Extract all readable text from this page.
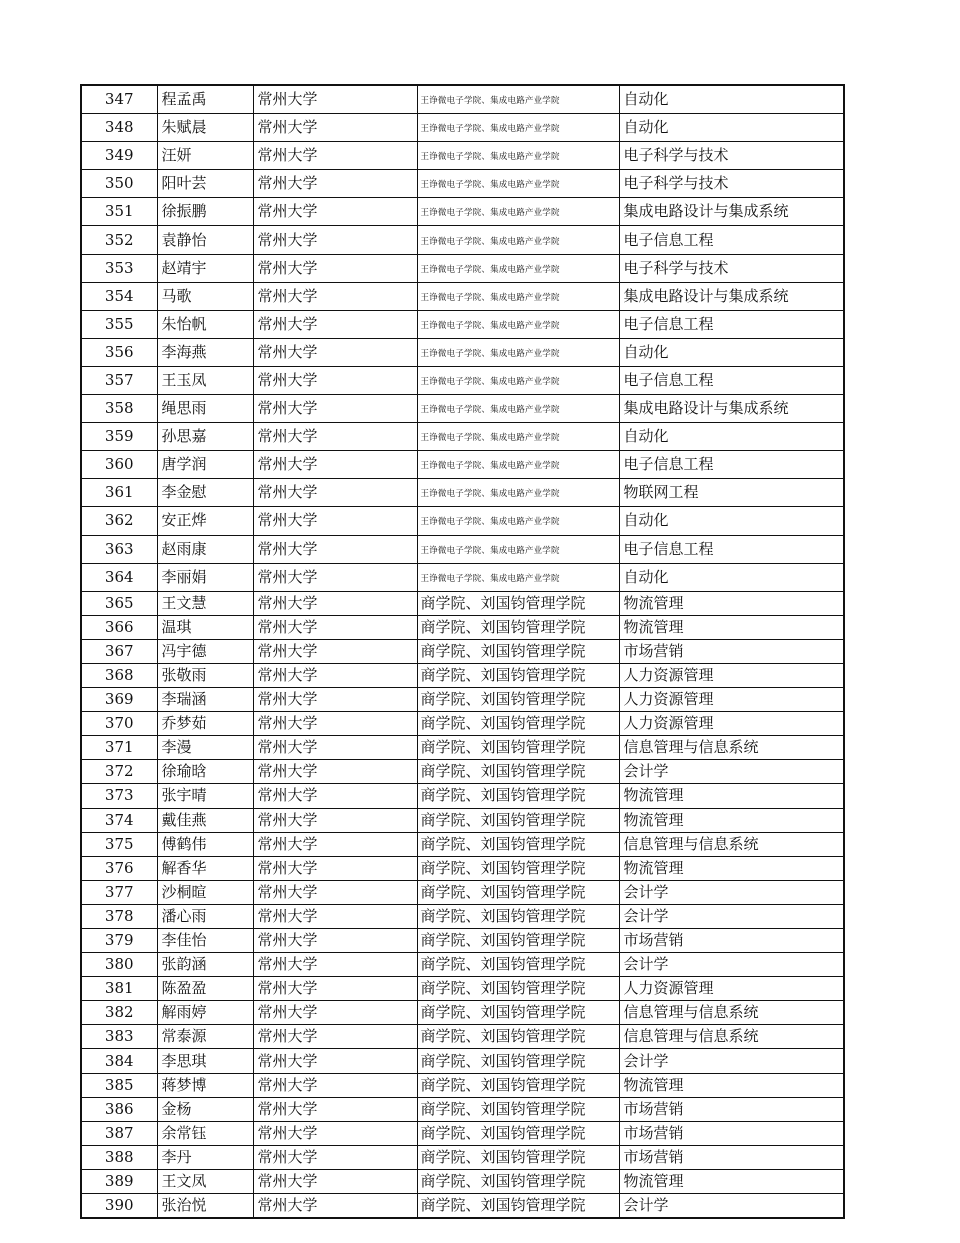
347	程孟禹	常州大学	王诤微电子学院、集成电路产业学院	自动化
348	朱赋晨	常州大学	王诤微电子学院、集成电路产业学院	自动化
349	汪妍	常州大学	王诤微电子学院、集成电路产业学院	电子科学与技术
350	阳叶芸	常州大学	王诤微电子学院、集成电路产业学院	电子科学与技术
351	徐振鹏	常州大学	王诤微电子学院、集成电路产业学院	集成电路设计与集成系统
352	袁静怡	常州大学	王诤微电子学院、集成电路产业学院	电子信息工程
353	赵靖宇	常州大学	王诤微电子学院、集成电路产业学院	电子科学与技术
354	马歌	常州大学	王诤微电子学院、集成电路产业学院	集成电路设计与集成系统
355	朱怡帆	常州大学	王诤微电子学院、集成电路产业学院	电子信息工程
356	李海燕	常州大学	王诤微电子学院、集成电路产业学院	自动化
357	王玉凤	常州大学	王诤微电子学院、集成电路产业学院	电子信息工程
358	绳思雨	常州大学	王诤微电子学院、集成电路产业学院	集成电路设计与集成系统
359	孙思嘉	常州大学	王诤微电子学院、集成电路产业学院	自动化
360	唐学润	常州大学	王诤微电子学院、集成电路产业学院	电子信息工程
361	李金慰	常州大学	王诤微电子学院、集成电路产业学院	物联网工程
362	安正烨	常州大学	王诤微电子学院、集成电路产业学院	自动化
363	赵雨康	常州大学	王诤微电子学院、集成电路产业学院	电子信息工程
364	李丽娟	常州大学	王诤微电子学院、集成电路产业学院	自动化
365	王文慧	常州大学	商学院、刘国钧管理学院	物流管理
366	温琪	常州大学	商学院、刘国钧管理学院	物流管理
367	冯宇德	常州大学	商学院、刘国钧管理学院	市场营销
368	张敬雨	常州大学	商学院、刘国钧管理学院	人力资源管理
369	李瑞涵	常州大学	商学院、刘国钧管理学院	人力资源管理
370	乔梦茹	常州大学	商学院、刘国钧管理学院	人力资源管理
371	李漫	常州大学	商学院、刘国钧管理学院	信息管理与信息系统
372	徐瑜晗	常州大学	商学院、刘国钧管理学院	会计学
373	张宇晴	常州大学	商学院、刘国钧管理学院	物流管理
374	戴佳燕	常州大学	商学院、刘国钧管理学院	物流管理
375	傅鹤伟	常州大学	商学院、刘国钧管理学院	信息管理与信息系统
376	解香华	常州大学	商学院、刘国钧管理学院	物流管理
377	沙桐暄	常州大学	商学院、刘国钧管理学院	会计学
378	潘心雨	常州大学	商学院、刘国钧管理学院	会计学
379	李佳怡	常州大学	商学院、刘国钧管理学院	市场营销
380	张韵涵	常州大学	商学院、刘国钧管理学院	会计学
381	陈盈盈	常州大学	商学院、刘国钧管理学院	人力资源管理
382	解雨婷	常州大学	商学院、刘国钧管理学院	信息管理与信息系统
383	常泰源	常州大学	商学院、刘国钧管理学院	信息管理与信息系统
384	李思琪	常州大学	商学院、刘国钧管理学院	会计学
385	蒋梦博	常州大学	商学院、刘国钧管理学院	物流管理
386	金杨	常州大学	商学院、刘国钧管理学院	市场营销
387	余常钰	常州大学	商学院、刘国钧管理学院	市场营销
388	李丹	常州大学	商学院、刘国钧管理学院	市场营销
389	王文凤	常州大学	商学院、刘国钧管理学院	物流管理
390	张治悦	常州大学	商学院、刘国钧管理学院	会计学
